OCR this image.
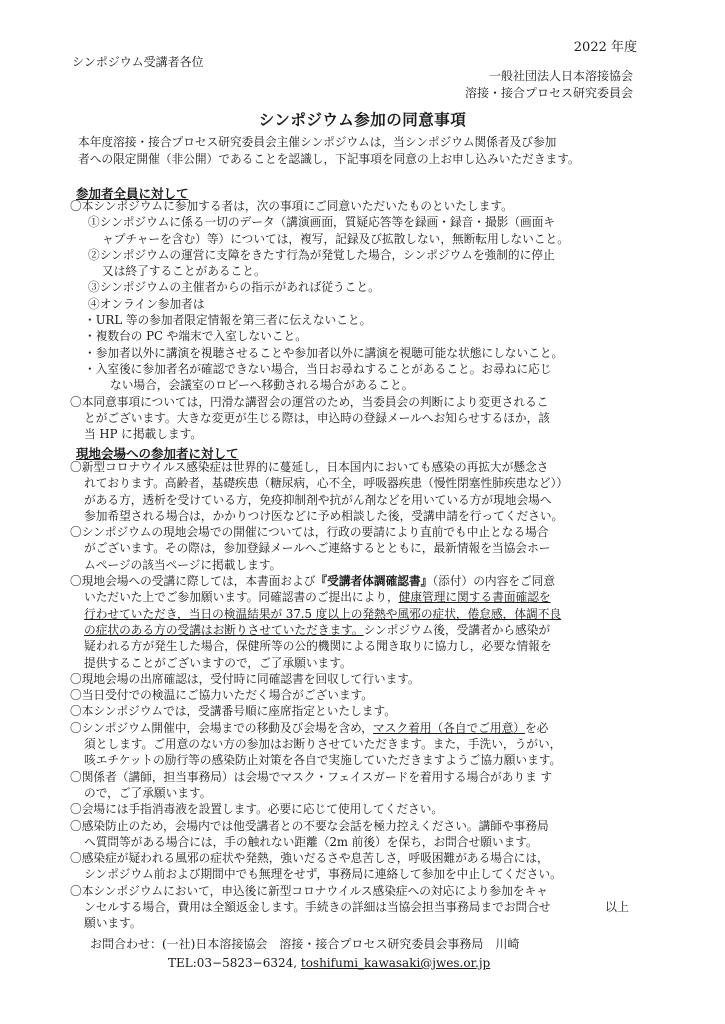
2022 年度
シンポジウム受講者各位
一般社団法人日本溶接協会
溶接・接合プロセス研究委員会
シンポジウム参加の同意事項
本年度溶接・接合プロセス研究委員会主催シンポジウムは，当シンポジウム関係者及び参加
者への限定開催（非公開）であることを認識し，下記事項を同意の上お申し込みいただきます。
参加者全員に対して
〇本シンポジウムに参加する者は，次の事項にご同意いただいたものといたします。
①シンポジウムに係る一切のデータ（講演画面，質疑応答等を録画・録音・撮影（画面キ
ャプチャーを含む）等）については，複写，記録及び拡散しない，無断転用しないこと。
②シンポジウムの運営に支障をきたす行為が発覚した場合，シンポジウムを強制的に停止
又は終了することがあること。
③シンポジウムの主催者からの指示があれば従うこと。
④オンライン参加者は
・URL 等の参加者限定情報を第三者に伝えないこと。
・複数台の PC や端末で入室しないこと。
・参加者以外に講演を視聴させることや参加者以外に講演を視聴可能な状態にしないこと。
・入室後に参加者名が確認できない場合，当日お尋ねすることがあること。お尋ねに応じ
ない場合，会議室のロビーへ移動される場合があること。
〇本同意事項については，円滑な講習会の運営のため，当委員会の判断により変更されるこ
とがございます。大きな変更が生じる際は，申込時の登録メールへお知らせするほか，該
当 HP に掲載します。
現地会場への参加者に対して
〇新型コロナウイルス感染症は世界的に蔓延し，日本国内においても感染の再拡大が懸念さ
れております。高齢者，基礎疾患（糖尿病，心不全，呼吸器疾患（慢性閉塞性肺疾患など））
がある方，透析を受けている方，免疫抑制剤や抗がん剤などを用いている方が現地会場へ
参加希望される場合は，かかりつけ医などに予め相談した後，受講申請を行ってください。
〇シンポジウムの現地会場での開催については，行政の要請により直前でも中止となる場合
がございます。その際は，参加登録メールへご連絡するとともに，最新情報を当協会ホー
ムページの該当ページに掲載します。
〇現地会場への受講に際しては，本書面および『受講者体調確認書』（添付）の内容をご同意
いただいた上でご参加願います。同確認書のご提出により，健康管理に関する書面確認を
行わせていただき，当日の検温結果が 37.5 度以上の発熱や風邪の症状，倦怠感，体調不良
の症状のある方の受講はお断りさせていただきます。シンポジウム後，受講者から感染が
疑われる方が発生した場合，保健所等の公的機関による聞き取りに協力し，必要な情報を
提供することがございますので，ご了承願います。
〇現地会場の出席確認は，受付時に同確認書を回収して行います。
〇当日受付での検温にご協力いただく場合がございます。
〇本シンポジウムでは，受講番号順に座席指定といたします。
〇シンポジウム開催中，会場までの移動及び会場を含め，マスク着用（各自でご用意）を必
須とします。ご用意のない方の参加はお断りさせていただきます。また，手洗い，うがい，
咳エチケットの励行等の感染防止対策を各自で実施していただきますようご協力願います。
〇関係者（講師，担当事務局）は会場でマスク・フェイスガードを着用する場合がありま す
ので，ご了承願います。
〇会場には手指消毒液を設置します。必要に応じて使用してください。
〇感染防止のため，会場内では他受講者との不要な会話を極力控えください。講師や事務局
へ質問等がある場合には，手の触れない距離（2m 前後）を保ち，お問合せ願います。
〇感染症が疑われる風邪の症状や発熱，強いだるさや息苦しさ，呼吸困難がある場合には，
シンポジウム前および期間中でも無理をせず，事務局に連絡して参加を中止してください。
〇本シンポジウムにおいて，申込後に新型コロナウイルス感染症への対応により参加をキャ
ンセルする場合，費用は全額返金します。手続きの詳細は当協会担当事務局までお問合せ
願います。
以上
お問合わせ：(一社)日本溶接協会　溶接・接合プロセス研究委員会事務局　川崎
TEL:03−5823−6324, toshifumi_kawasaki@jwes.or.jp
